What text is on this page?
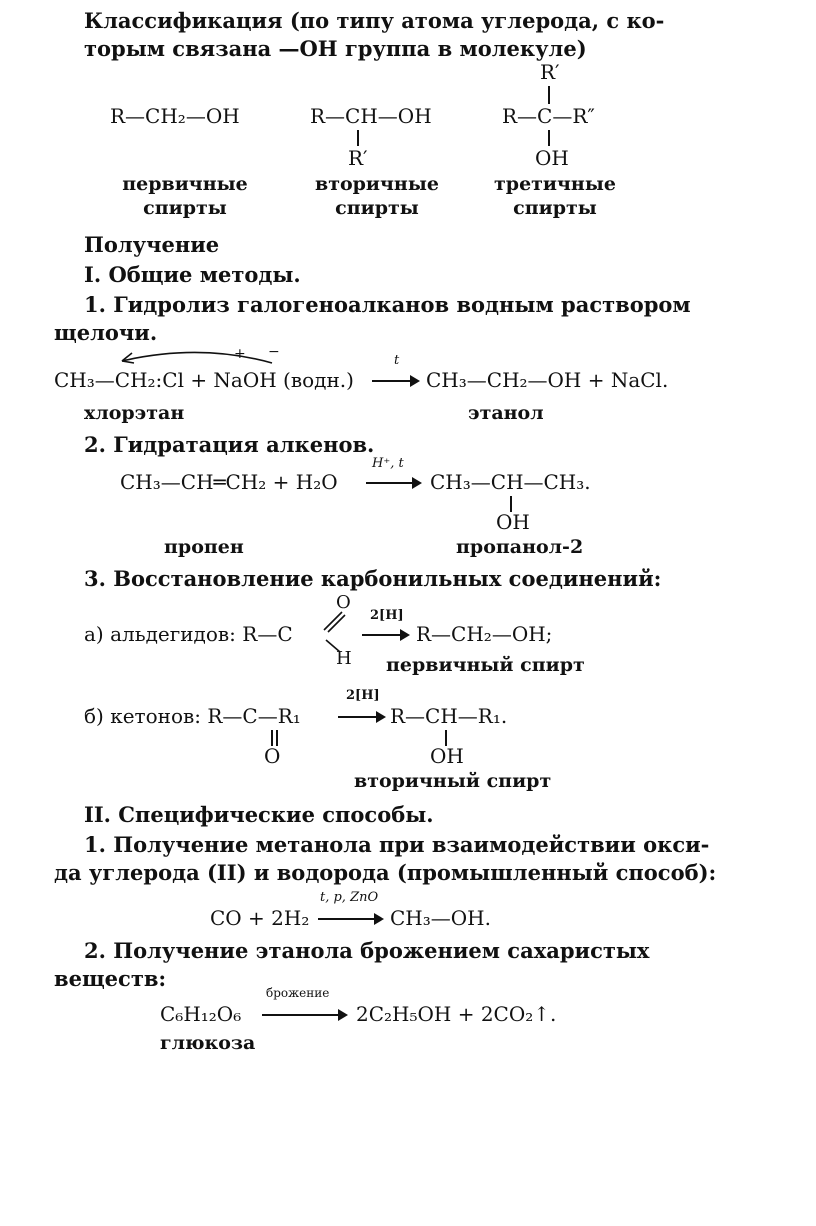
Классификация (по типу атома углерода, с ко-
торым связана —OH группа в молекуле)
R—CH₂—OH
первичные
спирты
R—CH—OH
R′
вторичные
спирты
R′
R—C—R″
OH
третичные
спирты
Получение
I. Общие методы.
1. Гидролиз галогеноалканов водным раствором
щелочи.
+ −
CH₃—CH₂:Cl + NaOH (водн.)
t
CH₃—CH₂—OH + NaCl.
хлорэтан	этанол
2. Гидратация алкенов.
CH₃—CH═CH₂ + H₂O
H⁺, t
CH₃—CH—CH₃.
OH
пропен	пропанол-2
3. Восстановление карбонильных соединений:
O
а) альдегидов: R—C
H
2[H]
R—CH₂—OH;
первичный спирт
2[H]
б) кетонов: R—C—R₁
O
R—CH—R₁.
OH
вторичный спирт
II. Специфические способы.
1. Получение метанола при взаимодействии окси-
да углерода (II) и водорода (промышленный способ):
CO + 2H₂
t, p, ZnO
CH₃—OH.
2. Получение этанола брожением сахаристых
веществ:
C₆H₁₂O₆
брожение
2C₂H₅OH + 2CO₂↑.
глюкоза
